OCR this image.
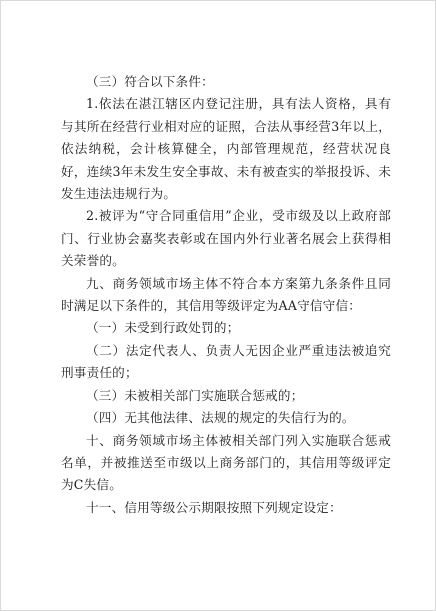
（三）符合以下条件：

1.依法在湛江辖区内登记注册，具有法人资格，具有与其所在经营行业相对应的证照，合法从事经营3年以上，依法纳税，会计核算健全，内部管理规范，经营状况良好，连续3年未发生安全事故、未有被查实的举报投诉、未发生违法违规行为。

2.被评为“守合同重信用”企业，受市级及以上政府部门、行业协会嘉奖表彰或在国内外行业著名展会上获得相关荣誉的。

九、商务领域市场主体不符合本方案第九条条件且同时满足以下条件的，其信用等级评定为AA守信守信：

（一）未受到行政处罚的；

（二）法定代表人、负责人无因企业严重违法被追究刑事责任的；

（三）未被相关部门实施联合惩戒的；

（四）无其他法律、法规的规定的失信行为的。

十、商务领域市场主体被相关部门列入实施联合惩戒名单，并被推送至市级以上商务部门的，其信用等级评定为C失信。

十一、信用等级公示期限按照下列规定设定：
